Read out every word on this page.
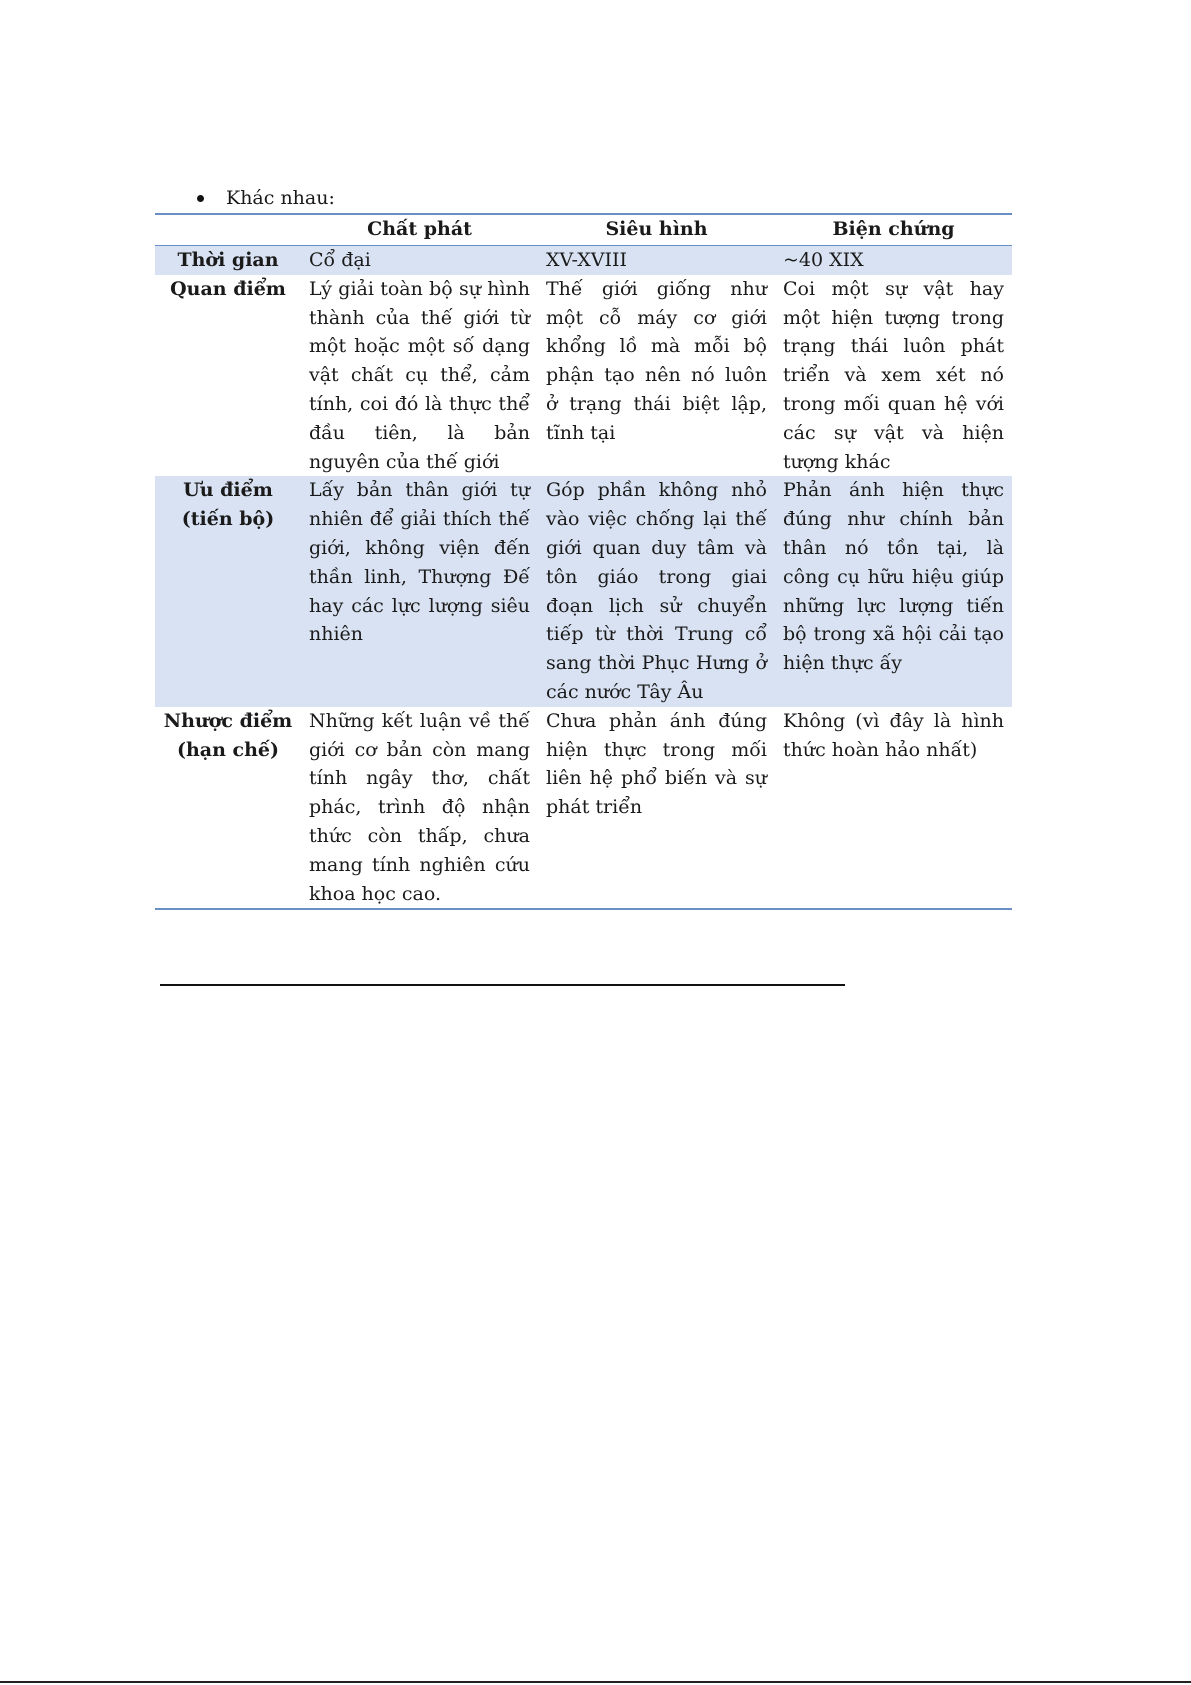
Khác nhau:
	Chất phát	Siêu hình	Biện chứng
Thời gian	Cổ đại	XV-XVIII	~40 XIX
Quan điểm	Lý giải toàn bộ sự hình thành của thế giới từ một hoặc một số dạng vật chất cụ thể, cảm tính, coi đó là thực thể đầu tiên, là bản nguyên của thế giới	Thế giới giống như một cỗ máy cơ giới khổng lồ mà mỗi bộ phận tạo nên nó luôn ở trạng thái biệt lập, tĩnh tại	Coi một sự vật hay một hiện tượng trong trạng thái luôn phát triển và xem xét nó trong mối quan hệ với các sự vật và hiện tượng khác
Ưu điểm (tiến bộ)	Lấy bản thân giới tự nhiên để giải thích thế giới, không viện đến thần linh, Thượng Đế hay các lực lượng siêu nhiên	Góp phần không nhỏ vào việc chống lại thế giới quan duy tâm và tôn giáo trong giai đoạn lịch sử chuyển tiếp từ thời Trung cổ sang thời Phục Hưng ở các nước Tây Âu	Phản ánh hiện thực đúng như chính bản thân nó tồn tại, là công cụ hữu hiệu giúp những lực lượng tiến bộ trong xã hội cải tạo hiện thực ấy
Nhược điểm (hạn chế)	Những kết luận về thế giới cơ bản còn mang tính ngây thơ, chất phác, trình độ nhận thức còn thấp, chưa mang tính nghiên cứu khoa học cao.	Chưa phản ánh đúng hiện thực trong mối liên hệ phổ biến và sự phát triển	Không (vì đây là hình thức hoàn hảo nhất)
